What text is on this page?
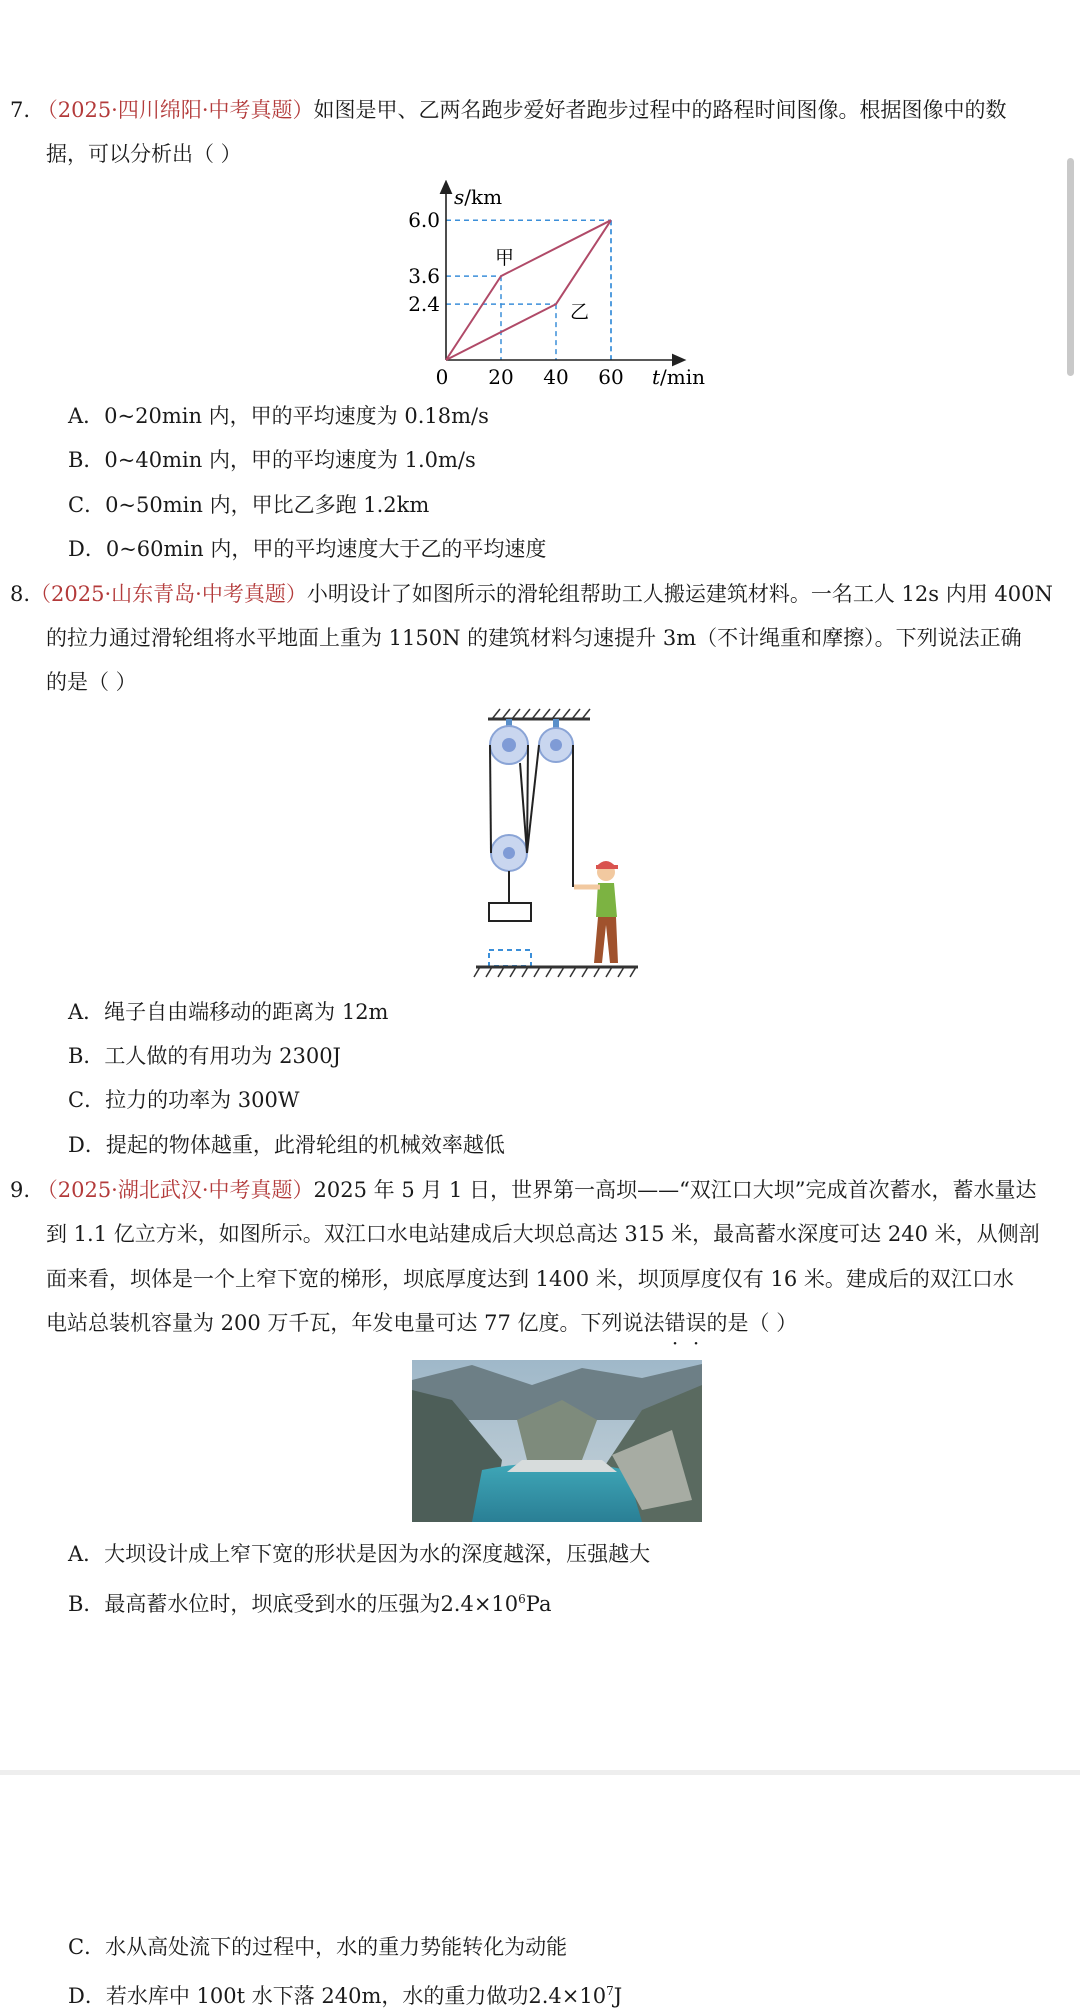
7. （2025·四川绵阳·中考真题）如图是甲、乙两名跑步爱好者跑步过程中的路程时间图像。根据图像中的数
据，可以分析出（ ）
甲
乙
20 40 60
6.0
3.6
2.4
s/km
t/min
0
A．0~20min 内，甲的平均速度为 0.18m/s
B．0~40min 内，甲的平均速度为 1.0m/s
C．0~50min 内，甲比乙多跑 1.2km
D．0~60min 内，甲的平均速度大于乙的平均速度
8.（2025·山东青岛·中考真题）小明设计了如图所示的滑轮组帮助工人搬运建筑材料。一名工人 12s 内用 400N
的拉力通过滑轮组将水平地面上重为 1150N 的建筑材料匀速提升 3m（不计绳重和摩擦）。下列说法正确
的是（ ）
A．绳子自由端移动的距离为 12m
B．工人做的有用功为 2300J
C．拉力的功率为 300W
D．提起的物体越重，此滑轮组的机械效率越低
9. （2025·湖北武汉·中考真题）2025 年 5 月 1 日，世界第一高坝——“双江口大坝”完成首次蓄水，蓄水量达
到 1.1 亿立方米，如图所示。双江口水电站建成后大坝总高达 315 米，最高蓄水深度可达 240 米，从侧剖
面来看，坝体是一个上窄下宽的梯形，坝底厚度达到 1400 米，坝顶厚度仅有 16 米。建成后的双江口水
电站总装机容量为 200 万千瓦，年发电量可达 77 亿度。下列说法错误的是（ ）
A．大坝设计成上窄下宽的形状是因为水的深度越深，压强越大
B．最高蓄水位时，坝底受到水的压强为$2.4\times 10^6Pa$
C．水从高处流下的过程中，水的重力势能转化为动能
D．若水库中 100t 水下落 240m，水的重力做功$2.4\times 10^7J$
